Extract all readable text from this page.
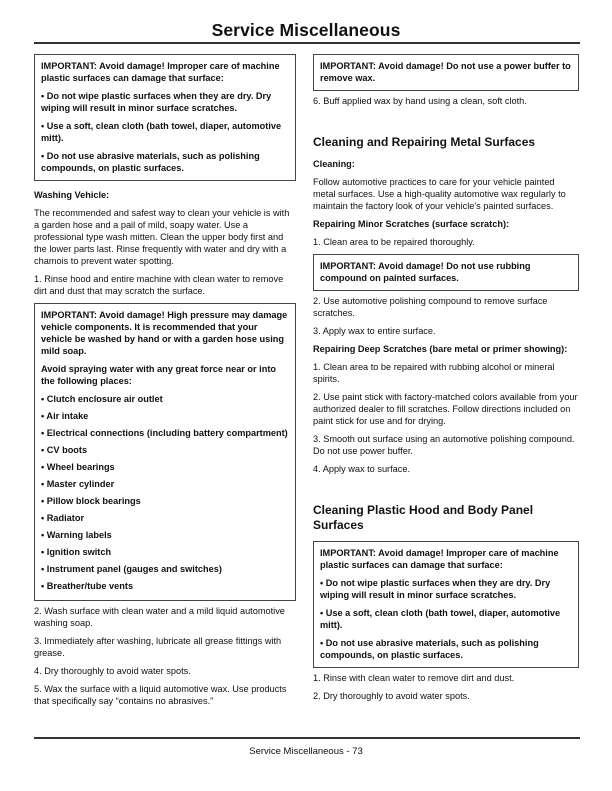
Service Miscellaneous

IMPORTANT: Avoid damage! Improper care of machine plastic surfaces can damage that surface:

• Do not wipe plastic surfaces when they are dry. Dry wiping will result in minor surface scratches.

• Use a soft, clean cloth (bath towel, diaper, automotive mitt).

• Do not use abrasive materials, such as polishing compounds, on plastic surfaces.

Washing Vehicle:

The recommended and safest way to clean your vehicle is with a garden hose and a pail of mild, soapy water. Use a professional type wash mitten. Clean the upper body first and the lower parts last. Rinse frequently with water and dry with a chamois to prevent water spotting.

1. Rinse hood and entire machine with clean water to remove dirt and dust that may scratch the surface.

IMPORTANT: Avoid damage! High pressure may damage vehicle components. It is recommended that your vehicle be washed by hand or with a garden hose using mild soap.

Avoid spraying water with any great force near or into the following places:

• Clutch enclosure air outlet

• Air intake

• Electrical connections (including battery compartment)

• CV boots

• Wheel bearings

• Master cylinder

• Pillow block bearings

• Radiator

• Warning labels

• Ignition switch

• Instrument panel (gauges and switches)

• Breather/tube vents

2. Wash surface with clean water and a mild liquid automotive washing soap.

3. Immediately after washing, lubricate all grease fittings with grease.

4. Dry thoroughly to avoid water spots.

5. Wax the surface with a liquid automotive wax. Use products that specifically say “contains no abrasives.”

IMPORTANT: Avoid damage! Do not use a power buffer to remove wax.

6. Buff applied wax by hand using a clean, soft cloth.

Cleaning and Repairing Metal Surfaces

Cleaning:

Follow automotive practices to care for your vehicle painted metal surfaces. Use a high-quality automotive wax regularly to maintain the factory look of your vehicle's painted surfaces.

Repairing Minor Scratches (surface scratch):

1. Clean area to be repaired thoroughly.

IMPORTANT: Avoid damage! Do not use rubbing compound on painted surfaces.

2. Use automotive polishing compound to remove surface scratches.

3. Apply wax to entire surface.

Repairing Deep Scratches (bare metal or primer showing):

1. Clean area to be repaired with rubbing alcohol or mineral spirits.

2. Use paint stick with factory-matched colors available from your authorized dealer to fill scratches. Follow directions included on paint stick for use and for drying.

3. Smooth out surface using an automotive polishing compound. Do not use power buffer.

4. Apply wax to surface.

Cleaning Plastic Hood and Body Panel Surfaces

IMPORTANT: Avoid damage! Improper care of machine plastic surfaces can damage that surface:

• Do not wipe plastic surfaces when they are dry. Dry wiping will result in minor surface scratches.

• Use a soft, clean cloth (bath towel, diaper, automotive mitt).

• Do not use abrasive materials, such as polishing compounds, on plastic surfaces.

1. Rinse with clean water to remove dirt and dust.

2. Dry thoroughly to avoid water spots.

Service Miscellaneous - 73
